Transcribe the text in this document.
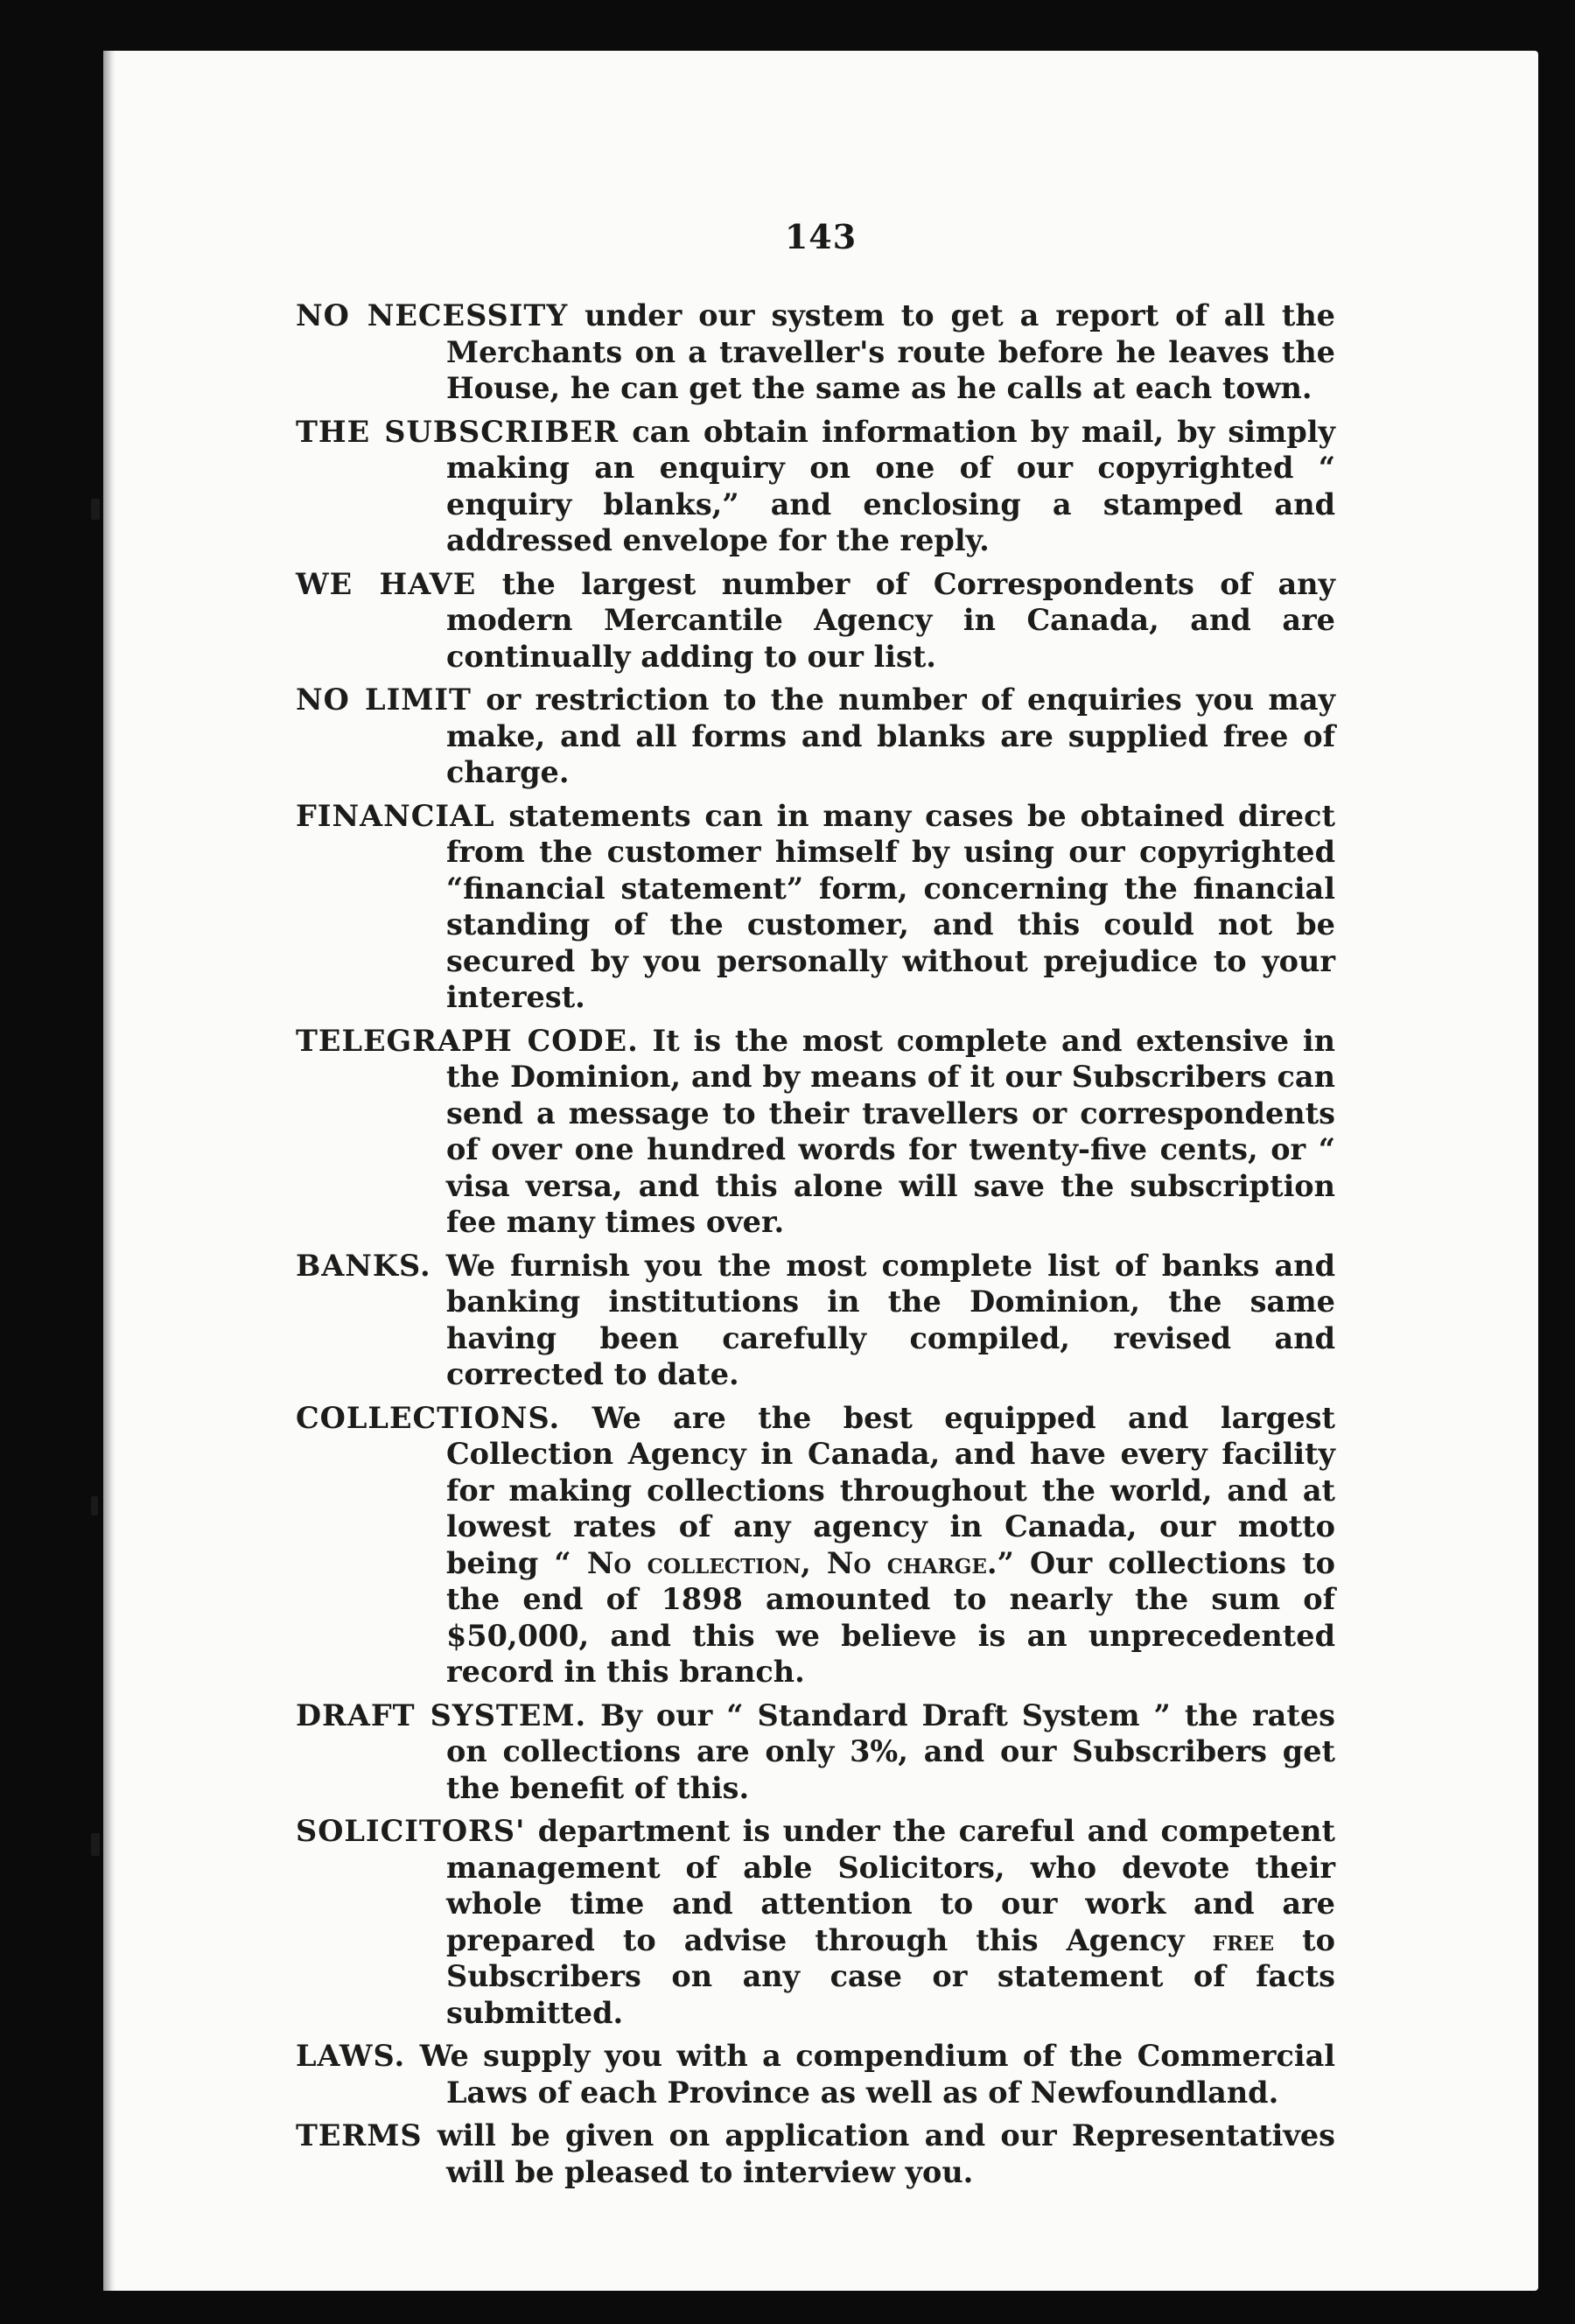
143

NO NECESSITY under our system to get a report of all the Merchants on a traveller's route before he leaves the House, he can get the same as he calls at each town.

THE SUBSCRIBER can obtain information by mail, by simply making an enquiry on one of our copyrighted “ enquiry blanks,” and enclosing a stamped and addressed envelope for the reply.

WE HAVE the largest number of Correspondents of any modern Mercantile Agency in Canada, and are continually adding to our list.

NO LIMIT or restriction to the number of enquiries you may make, and all forms and blanks are supplied free of charge.

FINANCIAL statements can in many cases be obtained direct from the customer himself by using our copyrighted “financial statement” form, concerning the financial standing of the customer, and this could not be secured by you personally without prejudice to your interest.

TELEGRAPH CODE. It is the most complete and extensive in the Dominion, and by means of it our Subscribers can send a message to their travellers or correspondents of over one hundred words for twenty-five cents, or “ visa versa, and this alone will save the subscription fee many times over.

BANKS. We furnish you the most complete list of banks and banking institutions in the Dominion, the same having been carefully compiled, revised and corrected to date.

COLLECTIONS. We are the best equipped and largest Collection Agency in Canada, and have every facility for making collections throughout the world, and at lowest rates of any agency in Canada, our motto being “ No collection, No charge.” Our collections to the end of 1898 amounted to nearly the sum of $50,000, and this we believe is an unprecedented record in this branch.

DRAFT SYSTEM. By our “ Standard Draft System ” the rates on collections are only 3%, and our Subscribers get the benefit of this.

SOLICITORS' department is under the careful and competent management of able Solicitors, who devote their whole time and attention to our work and are prepared to advise through this Agency free to Subscribers on any case or statement of facts submitted.

LAWS. We supply you with a compendium of the Commercial Laws of each Province as well as of Newfoundland.

TERMS will be given on application and our Representatives will be pleased to interview you.
